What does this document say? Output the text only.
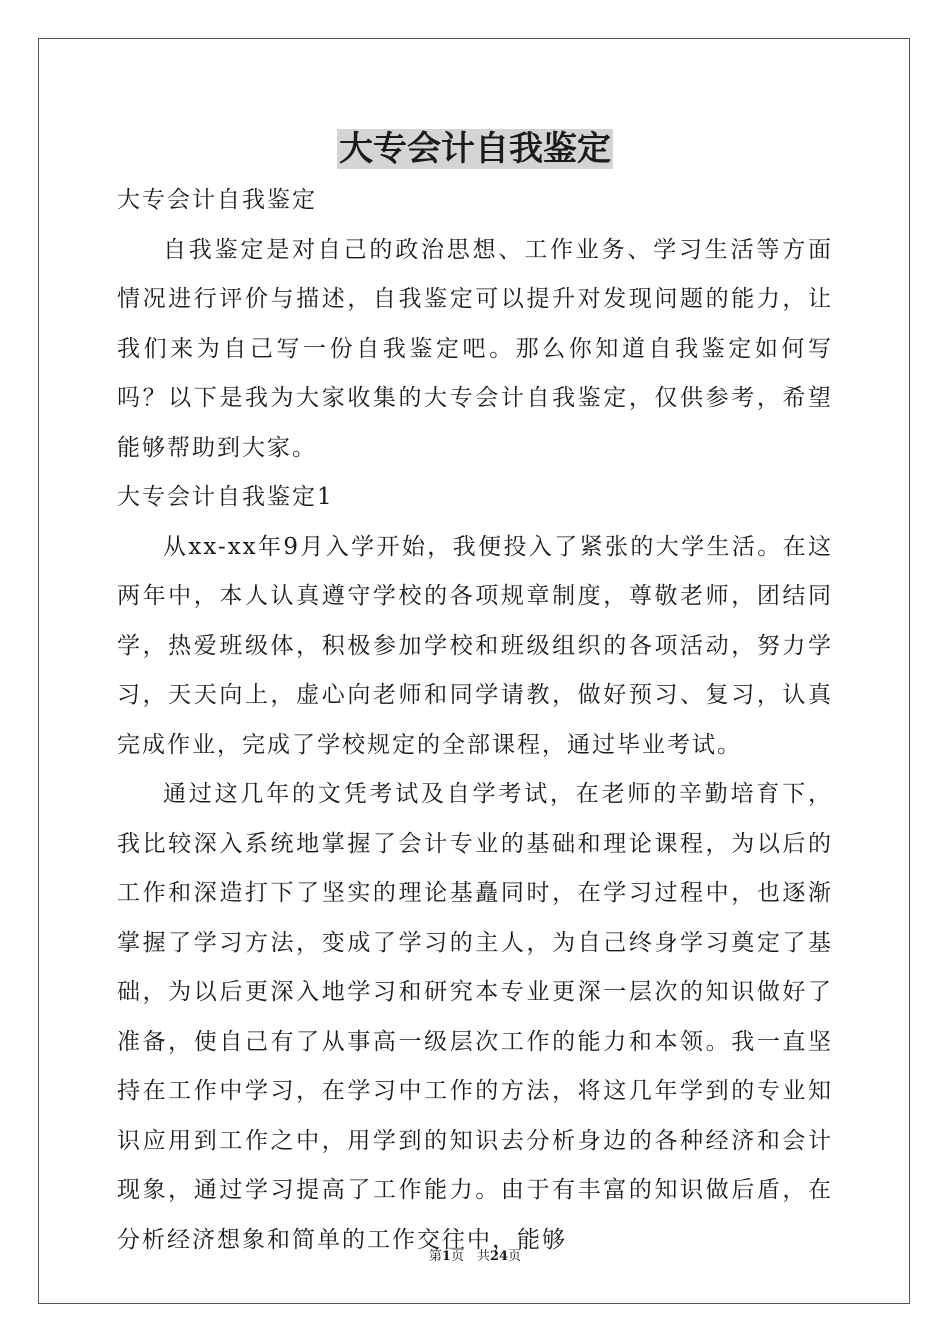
大专会计自我鉴定

大专会计自我鉴定

自我鉴定是对自己的政治思想、工作业务、学习生活等方面情况进行评价与描述，自我鉴定可以提升对发现问题的能力，让我们来为自己写一份自我鉴定吧。那么你知道自我鉴定如何写吗？以下是我为大家收集的大专会计自我鉴定，仅供参考，希望能够帮助到大家。

大专会计自我鉴定1

从xx-xx年9月入学开始，我便投入了紧张的大学生活。在这两年中，本人认真遵守学校的各项规章制度，尊敬老师，团结同学，热爱班级体，积极参加学校和班级组织的各项活动，努力学习，天天向上，虚心向老师和同学请教，做好预习、复习，认真完成作业，完成了学校规定的全部课程，通过毕业考试。

通过这几年的文凭考试及自学考试，在老师的辛勤培育下，我比较深入系统地掌握了会计专业的基础和理论课程，为以后的工作和深造打下了坚实的理论基矗同时，在学习过程中，也逐渐掌握了学习方法，变成了学习的主人，为自己终身学习奠定了基础，为以后更深入地学习和研究本专业更深一层次的知识做好了准备，使自己有了从事高一级层次工作的能力和本领。我一直坚持在工作中学习，在学习中工作的方法，将这几年学到的专业知识应用到工作之中，用学到的知识去分析身边的各种经济和会计现象，通过学习提高了工作能力。由于有丰富的知识做后盾，在分析经济想象和简单的工作交往中，能够

第1页　共24页
